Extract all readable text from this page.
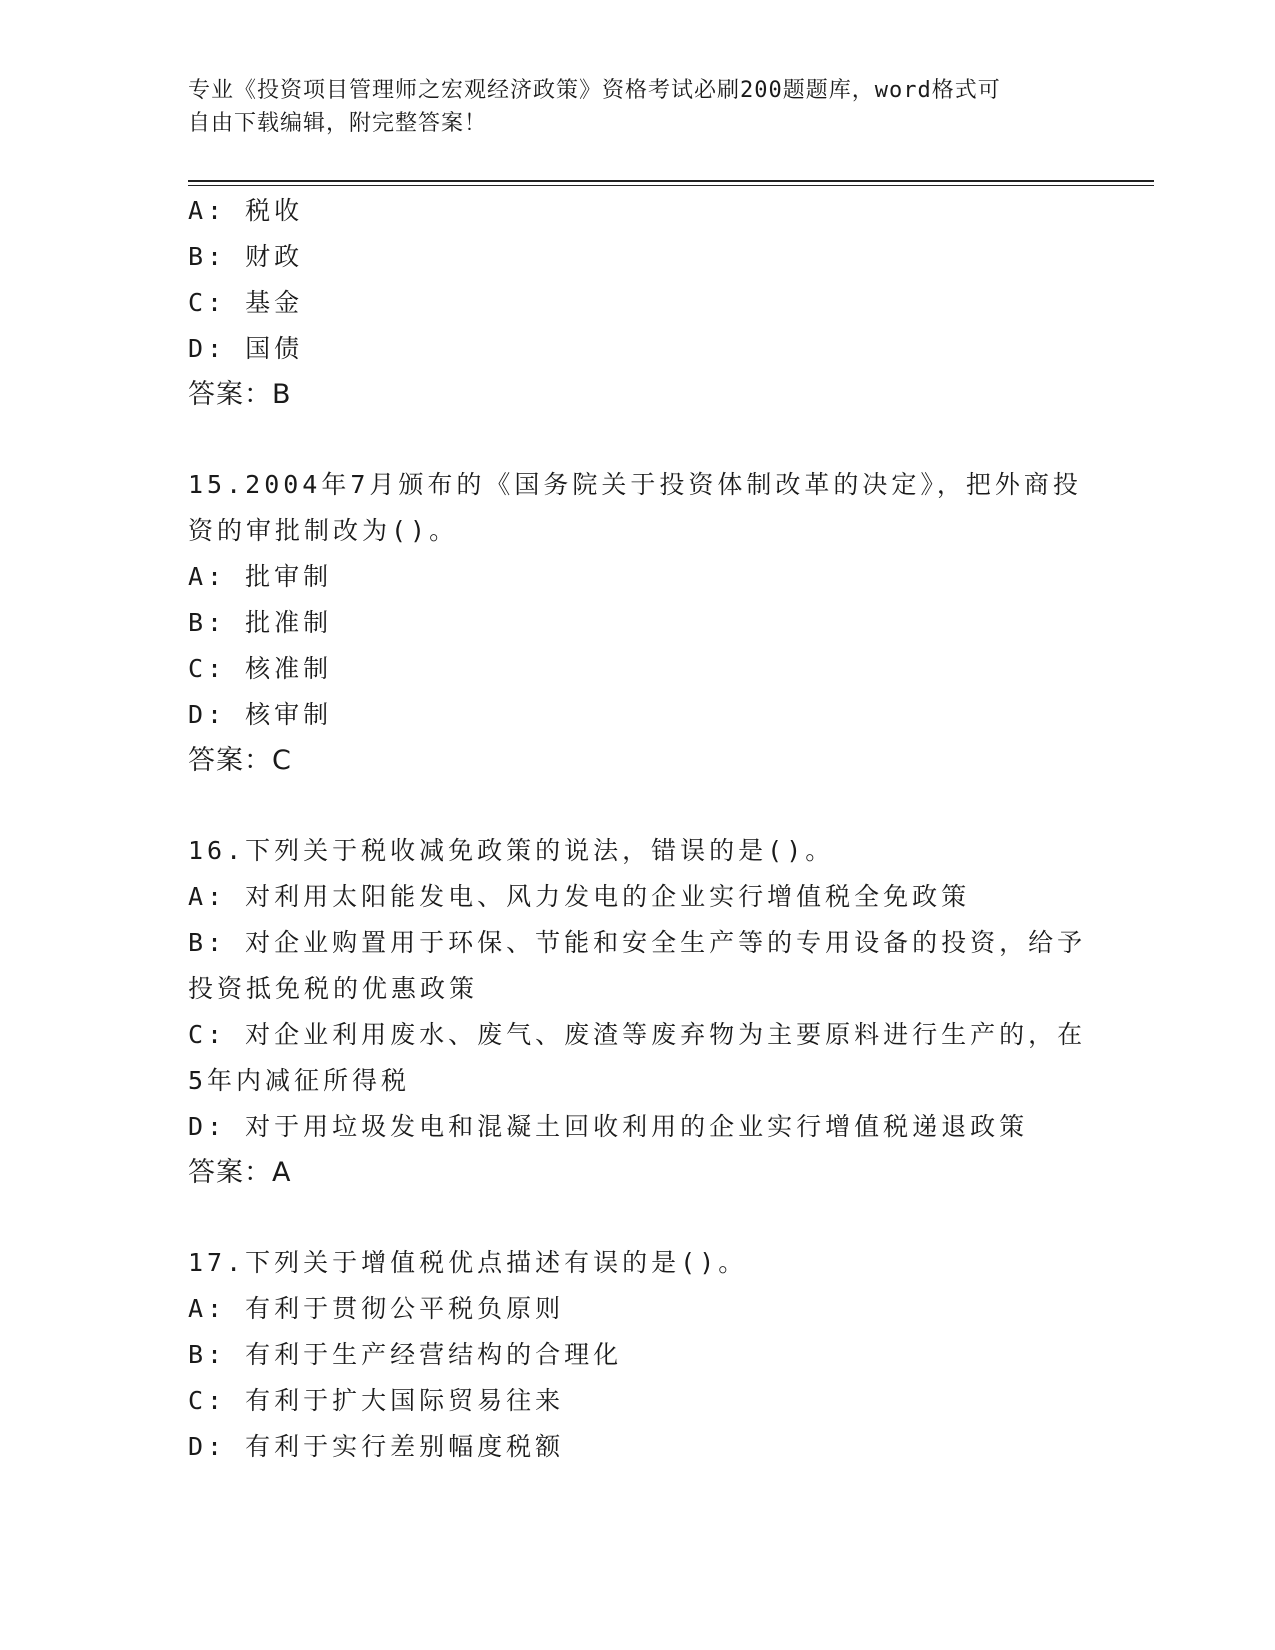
专业《投资项目管理师之宏观经济政策》资格考试必刷200题题库，word格式可
自由下载编辑，附完整答案！
A: 税收
B: 财政
C: 基金
D: 国债
答案：B
15.2004年7月颁布的《国务院关于投资体制改革的决定》，把外商投
资的审批制改为()。
A: 批审制
B: 批准制
C: 核准制
D: 核审制
答案：C
16.下列关于税收减免政策的说法，错误的是()。
A: 对利用太阳能发电、风力发电的企业实行增值税全免政策
B: 对企业购置用于环保、节能和安全生产等的专用设备的投资，给予
投资抵免税的优惠政策
C: 对企业利用废水、废气、废渣等废弃物为主要原料进行生产的，在
5年内减征所得税
D: 对于用垃圾发电和混凝土回收利用的企业实行增值税递退政策
答案：A
17.下列关于增值税优点描述有误的是()。
A: 有利于贯彻公平税负原则
B: 有利于生产经营结构的合理化
C: 有利于扩大国际贸易往来
D: 有利于实行差别幅度税额
